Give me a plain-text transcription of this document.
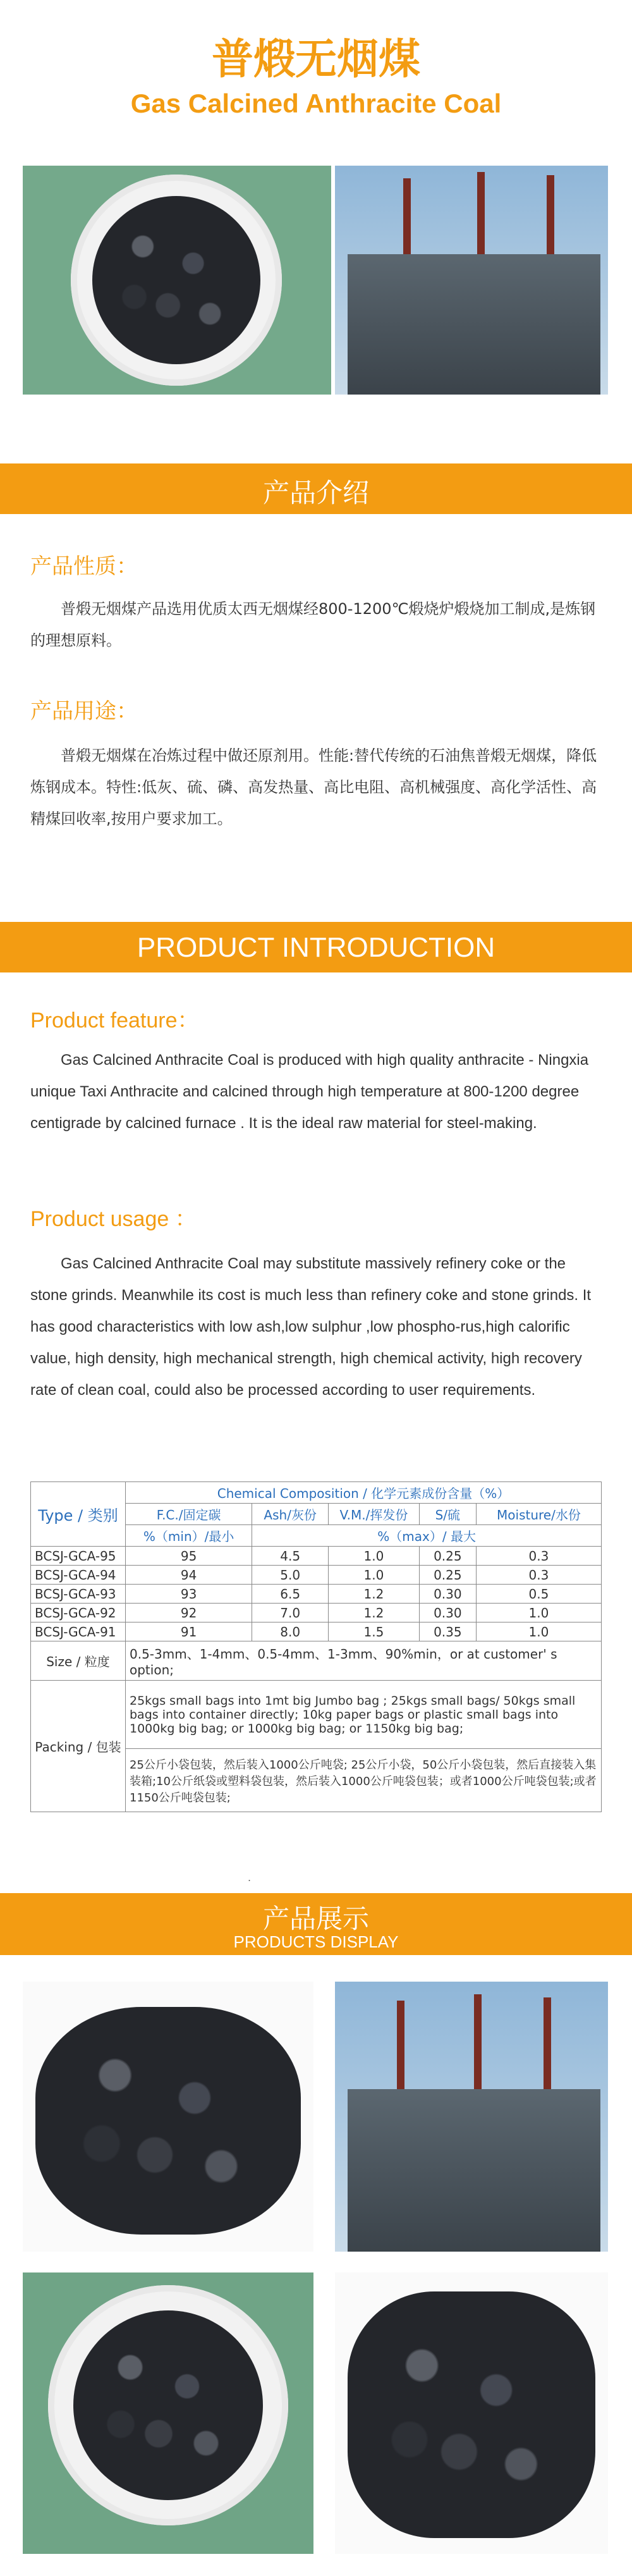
普煅无烟煤
Gas Calcined Anthracite Coal
产品介绍
产品性质：
普煅无烟煤产品选用优质太西无烟煤经800-1200℃煅烧炉煅烧加工制成,是炼钢的理想原料。
产品用途：
普煅无烟煤在冶炼过程中做还原剂用。性能:替代传统的石油焦普煅无烟煤，降低炼钢成本。特性:低灰、硫、磷、高发热量、高比电阻、高机械强度、高化学活性、高精煤回收率,按用户要求加工。
PRODUCT INTRODUCTION
Product feature：
Gas Calcined Anthracite Coal is produced with high quality anthracite - Ningxia unique Taxi Anthracite and calcined through high temperature at 800-1200 degree centigrade by calcined furnace . It is the ideal raw material for steel-making.
Product usage ：
Gas Calcined Anthracite Coal may substitute massively refinery coke or the stone grinds. Meanwhile its cost is much less than refinery coke and stone grinds. It has good characteristics with low ash,low sulphur ,low phospho-rus,high calorific value, high density, high mechanical strength, high chemical activity, high recovery rate of clean coal, could also be processed according to user requirements.
Type / 类别	Chemical Composition / 化学元素成份含量（%）				
	F.C./固定碳	Ash/灰份	V.M./挥发份	S/硫	Moisture/水份
	%（min）/最小	%（max）/ 最大			
BCSJ-GCA-95	95	4.5	1.0	0.25	0.3
BCSJ-GCA-94	94	5.0	1.0	0.25	0.3
BCSJ-GCA-93	93	6.5	1.2	0.30	0.5
BCSJ-GCA-92	92	7.0	1.2	0.30	1.0
BCSJ-GCA-91	91	8.0	1.5	0.35	1.0
Size / 粒度	0.5-3mm、1-4mm、0.5-4mm、1-3mm、90%min，or at customer' s option;				
Packing / 包装	25kgs small bags into 1mt big Jumbo bag ; 25kgs small bags/ 50kgs small bags into container directly; 10kg paper bags or plastic small bags into 1000kg big bag; or 1000kg big bag; or 1150kg big bag;				
	25公斤小袋包装，然后装入1000公斤吨袋; 25公斤小袋，50公斤小袋包装，然后直接装入集装箱;10公斤纸袋或塑料袋包装，然后装入1000公斤吨袋包装；或者1000公斤吨袋包装;或者1150公斤吨袋包装;				
.
产品展示
PRODUCTS DISPLAY
